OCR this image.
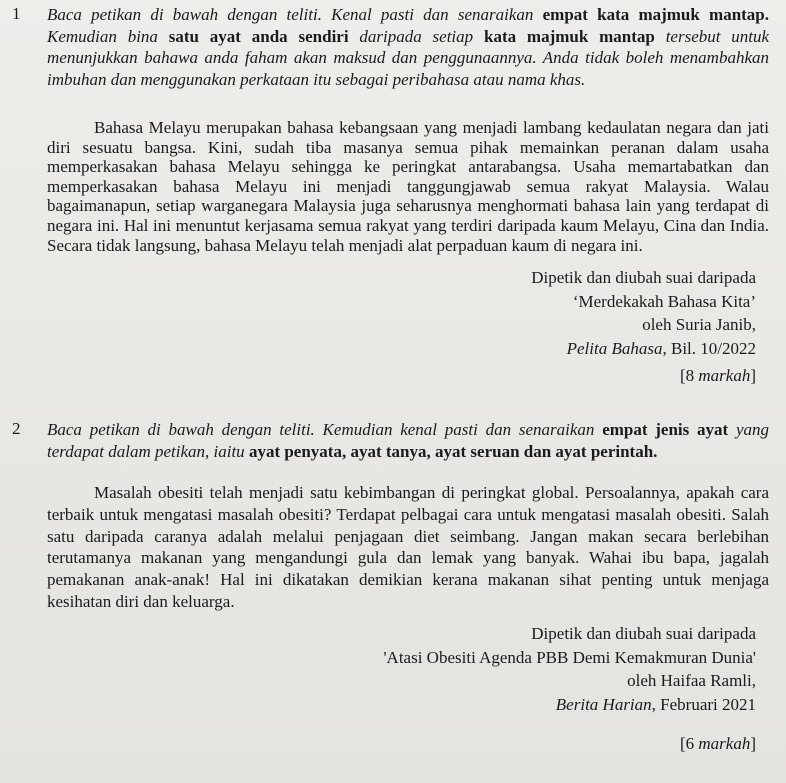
1 Baca petikan di bawah dengan teliti. Kenal pasti dan senaraikan empat kata majmuk mantap. Kemudian bina satu ayat anda sendiri daripada setiap kata majmuk mantap tersebut untuk menunjukkan bahawa anda faham akan maksud dan penggunaannya. Anda tidak boleh menambahkan imbuhan dan menggunakan perkataan itu sebagai peribahasa atau nama khas.
Bahasa Melayu merupakan bahasa kebangsaan yang menjadi lambang kedaulatan negara dan jati diri sesuatu bangsa. Kini, sudah tiba masanya semua pihak memainkan peranan dalam usaha memperkasakan bahasa Melayu sehingga ke peringkat antarabangsa. Usaha memartabatkan dan memperkasakan bahasa Melayu ini menjadi tanggungjawab semua rakyat Malaysia. Walau bagaimanapun, setiap warganegara Malaysia juga seharusnya menghormati bahasa lain yang terdapat di negara ini. Hal ini menuntut kerjasama semua rakyat yang terdiri daripada kaum Melayu, Cina dan India. Secara tidak langsung, bahasa Melayu telah menjadi alat perpaduan kaum di negara ini.
Dipetik dan diubah suai daripada
‘Merdekakah Bahasa Kita’
oleh Suria Janib,
Pelita Bahasa, Bil. 10/2022
[8 markah]
2 Baca petikan di bawah dengan teliti. Kemudian kenal pasti dan senaraikan empat jenis ayat yang terdapat dalam petikan, iaitu ayat penyata, ayat tanya, ayat seruan dan ayat perintah.
Masalah obesiti telah menjadi satu kebimbangan di peringkat global. Persoalannya, apakah cara terbaik untuk mengatasi masalah obesiti? Terdapat pelbagai cara untuk mengatasi masalah obesiti. Salah satu daripada caranya adalah melalui penjagaan diet seimbang. Jangan makan secara berlebihan terutamanya makanan yang mengandungi gula dan lemak yang banyak. Wahai ibu bapa, jagalah pemakanan anak-anak! Hal ini dikatakan demikian kerana makanan sihat penting untuk menjaga kesihatan diri dan keluarga.
Dipetik dan diubah suai daripada
'Atasi Obesiti Agenda PBB Demi Kemakmuran Dunia'
oleh Haifaa Ramli,
Berita Harian, Februari 2021
[6 markah]
